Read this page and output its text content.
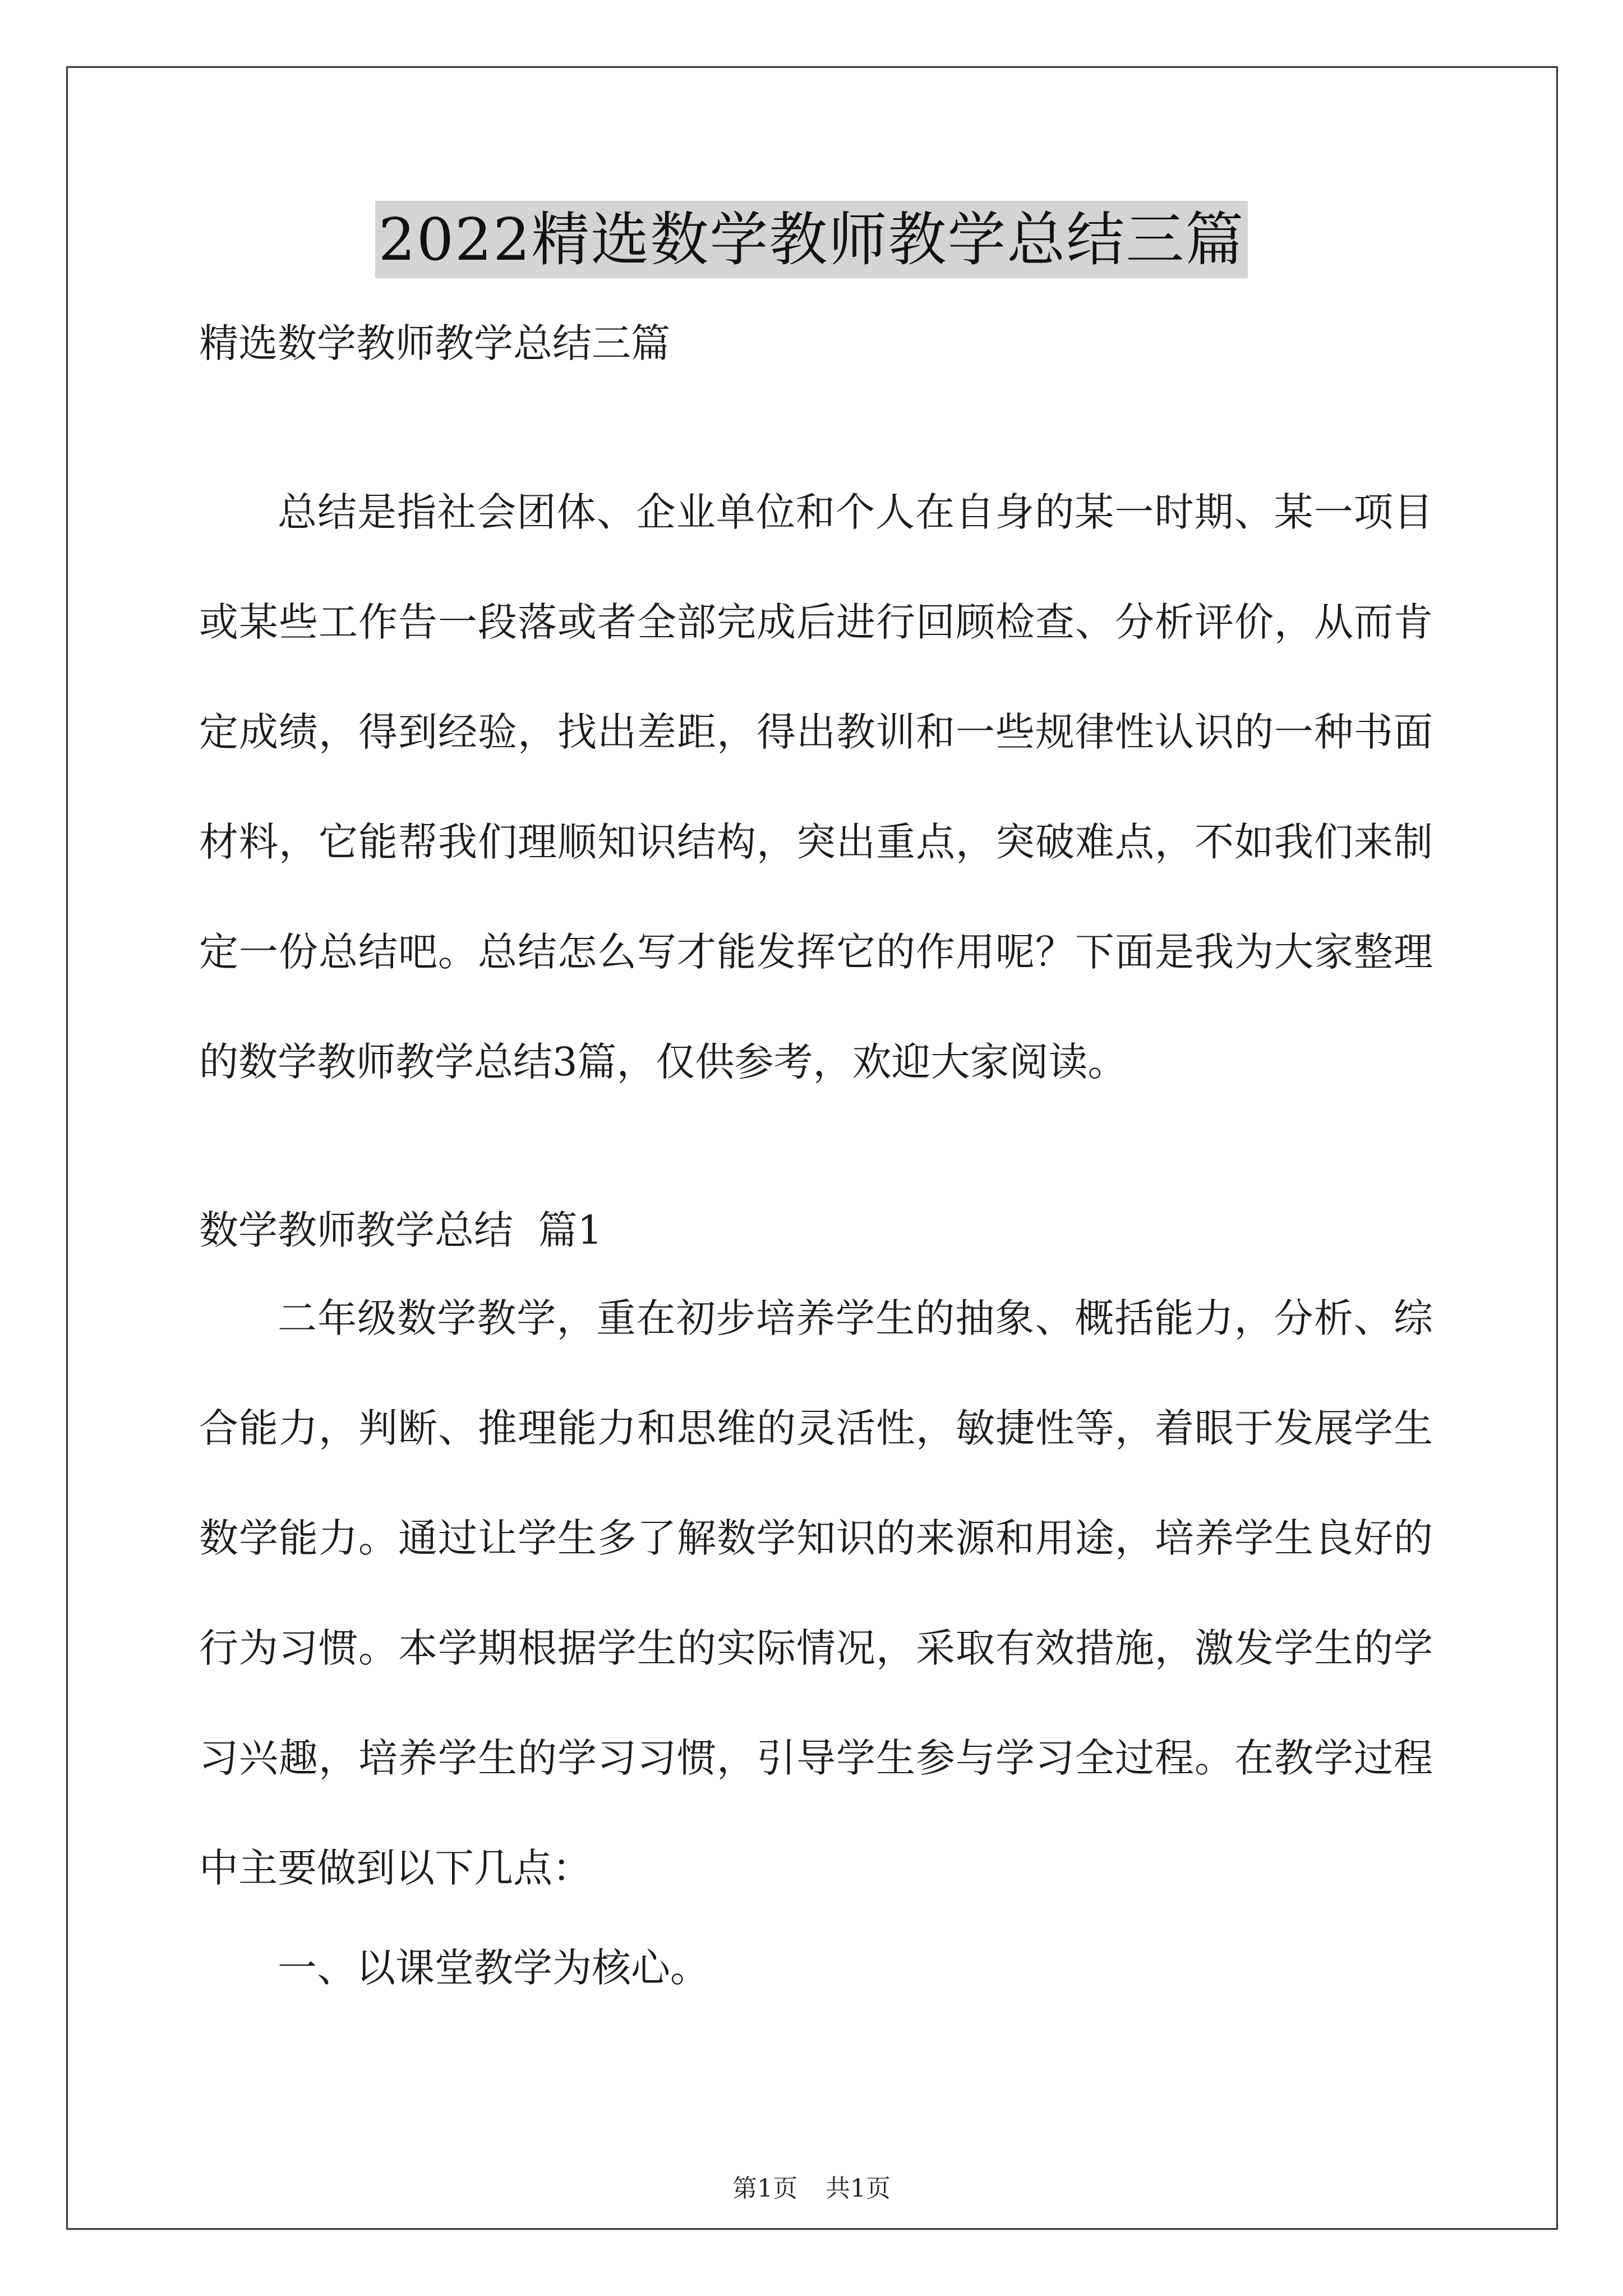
2022精选数学教师教学总结三篇
精选数学教师教学总结三篇
总结是指社会团体、企业单位和个人在自身的某一时期、某一项目或某些工作告一段落或者全部完成后进行回顾检查、分析评价，从而肯定成绩，得到经验，找出差距，得出教训和一些规律性认识的一种书面材料，它能帮我们理顺知识结构，突出重点，突破难点，不如我们来制定一份总结吧。总结怎么写才能发挥它的作用呢？下面是我为大家整理的数学教师教学总结3篇，仅供参考，欢迎大家阅读。
数学教师教学总结  篇1
二年级数学教学，重在初步培养学生的抽象、概括能力，分析、综合能力，判断、推理能力和思维的灵活性，敏捷性等，着眼于发展学生数学能力。通过让学生多了解数学知识的来源和用途，培养学生良好的行为习惯。本学期根据学生的实际情况，采取有效措施，激发学生的学习兴趣，培养学生的学习习惯，引导学生参与学习全过程。在教学过程中主要做到以下几点：
一、以课堂教学为核心。
第1页 共1页
